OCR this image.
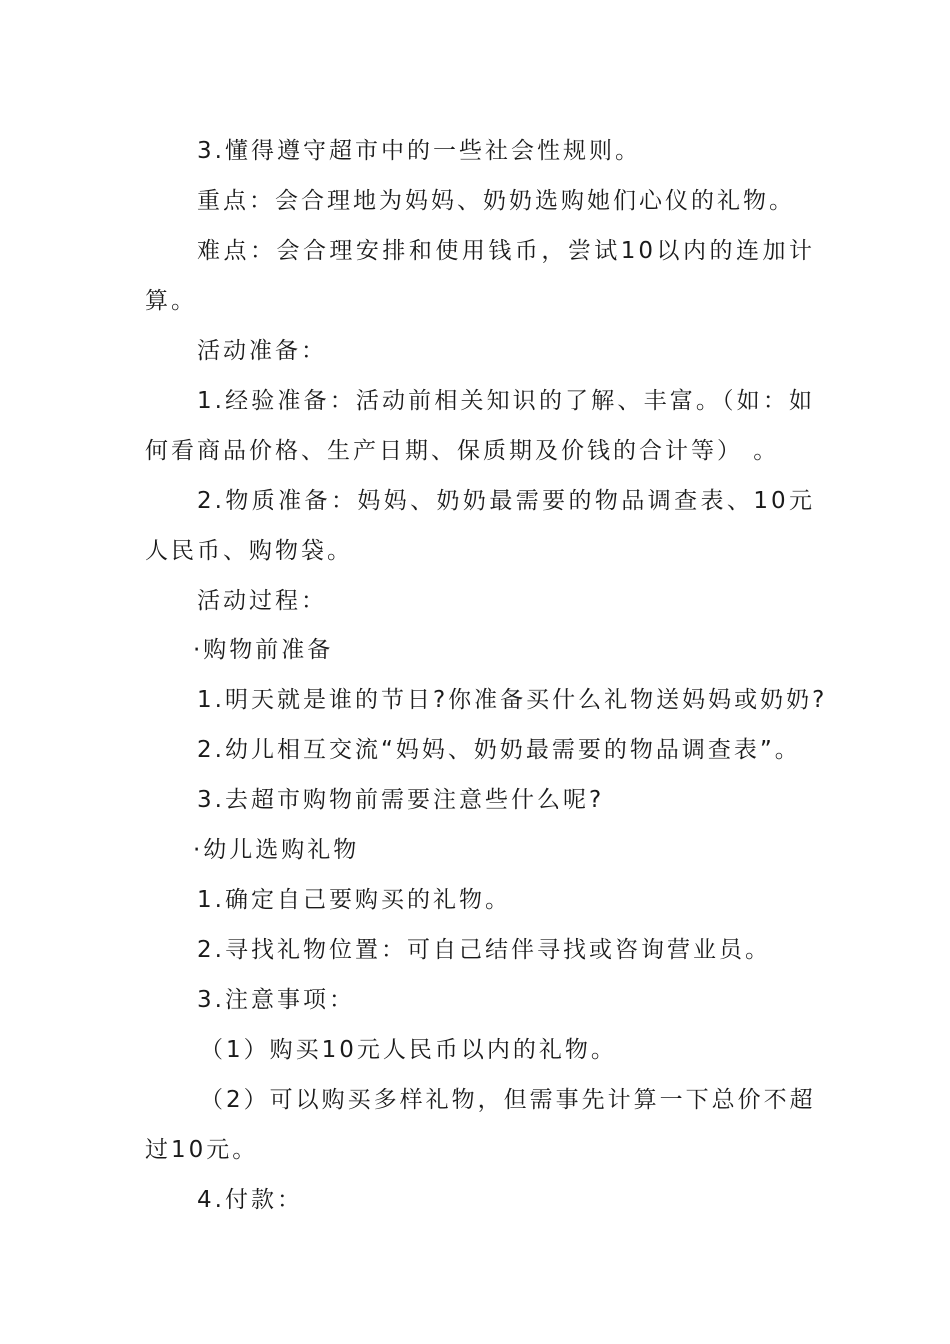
3.懂得遵守超市中的一些社会性规则。
重点：会合理地为妈妈、奶奶选购她们心仪的礼物。
难点：会合理安排和使用钱币，尝试10以内的连加计
算。
活动准备：
1.经验准备：活动前相关知识的了解、丰富。（如：如
何看商品价格、生产日期、保质期及价钱的合计等） 。
2.物质准备：妈妈、奶奶最需要的物品调查表、10元
人民币、购物袋。
活动过程：
·购物前准备
1.明天就是谁的节日?你准备买什么礼物送妈妈或奶奶?
2.幼儿相互交流“妈妈、奶奶最需要的物品调查表”。
3.去超市购物前需要注意些什么呢?
·幼儿选购礼物
1.确定自己要购买的礼物。
2.寻找礼物位置：可自己结伴寻找或咨询营业员。
3.注意事项：
（1）购买10元人民币以内的礼物。
（2）可以购买多样礼物，但需事先计算一下总价不超
过10元。
4.付款：
